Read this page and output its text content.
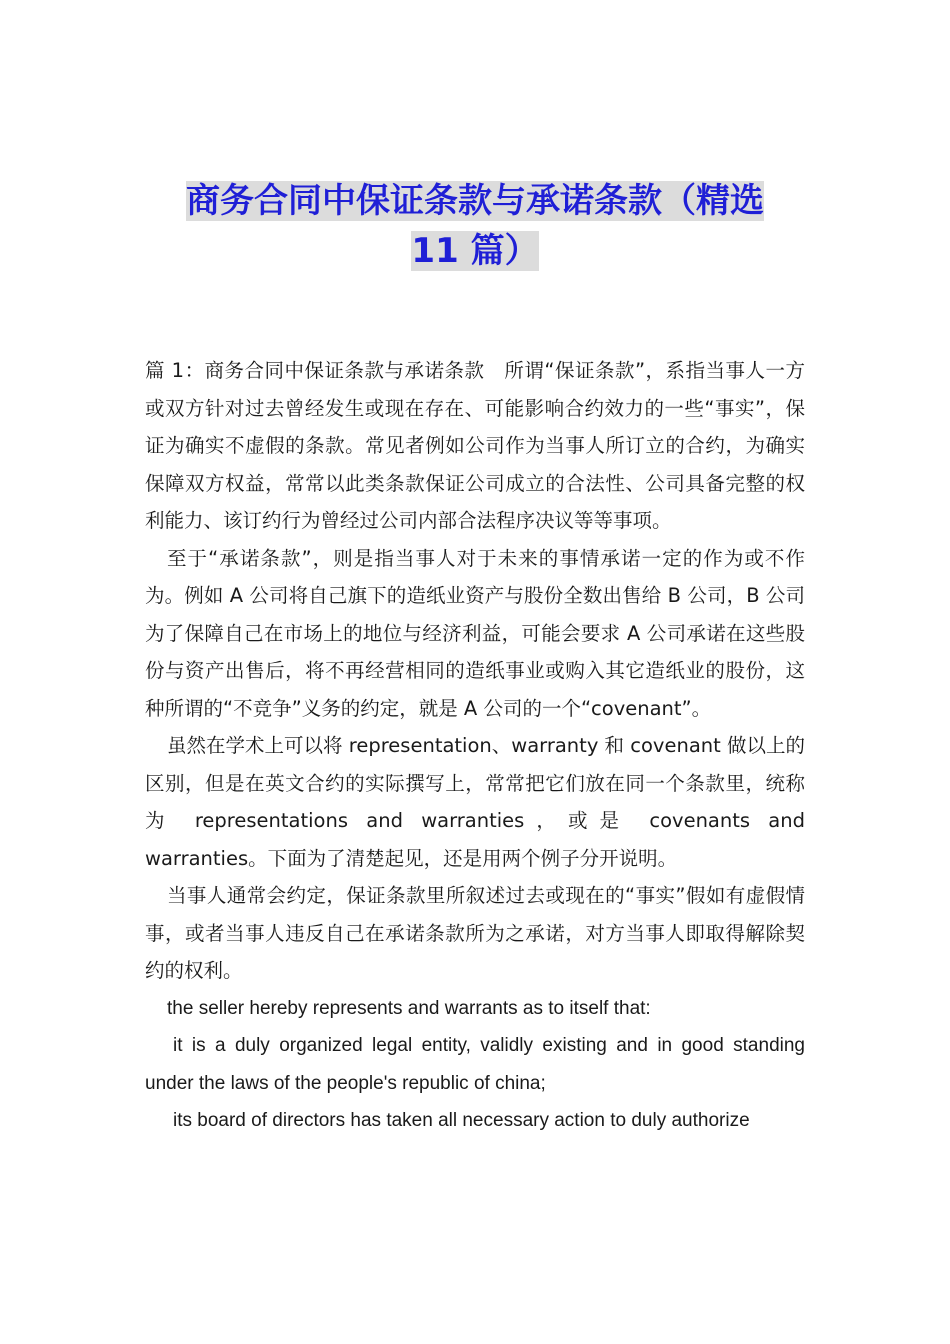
商务合同中保证条款与承诺条款（精选
11 篇）

篇 1：商务合同中保证条款与承诺条款　所谓“保证条款”，系指当事人一方或双方针对过去曾经发生或现在存在、可能影响合约效力的一些“事实”，保证为确实不虚假的条款。常见者例如公司作为当事人所订立的合约，为确实保障双方权益，常常以此类条款保证公司成立的合法性、公司具备完整的权利能力、该订约行为曾经过公司内部合法程序决议等等事项。

至于“承诺条款”，则是指当事人对于未来的事情承诺一定的作为或不作为。例如 A 公司将自己旗下的造纸业资产与股份全数出售给 B 公司，B 公司为了保障自己在市场上的地位与经济利益，可能会要求 A 公司承诺在这些股份与资产出售后，将不再经营相同的造纸事业或购入其它造纸业的股份，这种所谓的“不竞争”义务的约定，就是 A 公司的一个“covenant”。

虽然在学术上可以将 representation、warranty 和 covenant 做以上的区别，但是在英文合约的实际撰写上，常常把它们放在同一个条款里，统称为 representations and warranties，或是 covenants and warranties。下面为了清楚起见，还是用两个例子分开说明。

当事人通常会约定，保证条款里所叙述过去或现在的“事实”假如有虚假情事，或者当事人违反自己在承诺条款所为之承诺，对方当事人即取得解除契约的权利。

the seller hereby represents and warrants as to itself that:

it is a duly organized legal entity, validly existing and in good standing under the laws of the people's republic of china;

its board of directors has taken all necessary action to duly authorize
